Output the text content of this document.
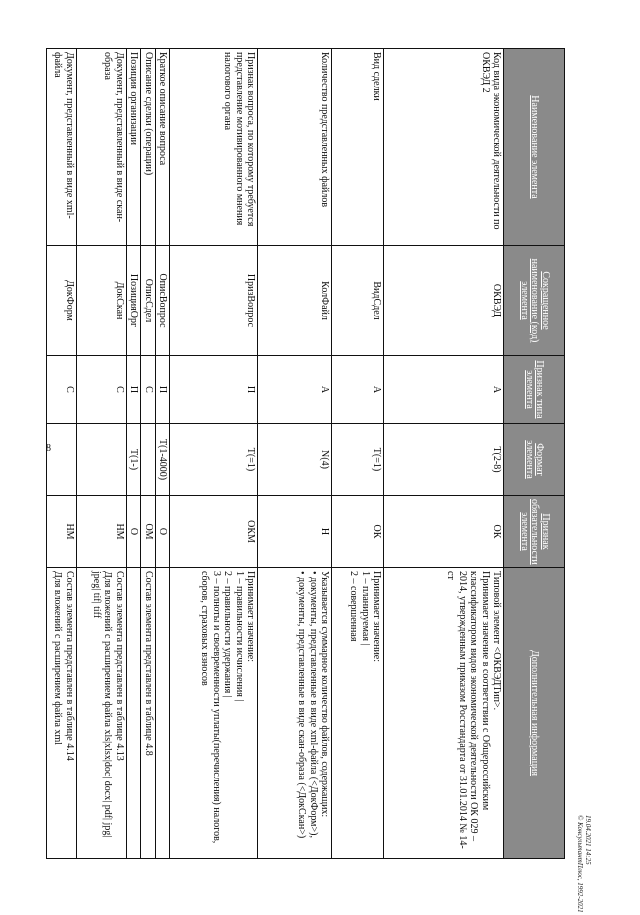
8
Наименование элемента	Сокращенное наименование (код) элемента	Признак типа элемента	Формат элемента	Признак обязательности элемента	Дополнительная информация
Код вида экономической деятельности по ОКВЭД 2	ОКВЭД	А	T(2-8)	ОК	Типовой элемент <ОКВЭДТип>.
Принимает значение в соответствии с Общероссийским классификатором видов экономической деятельности ОК 029 – 2014, утвержденным приказом Росстандарта от 31.01.2014 № 14-ст

Вид сделки	ВидСдел	А	T(=1)	ОК	Принимает значение:
1 – планируемая |
2 – совершенная

Количество представленных файлов	КолФайл	А	N(4)	Н	Указывается суммарное количество файлов, содержащих:
• документы, представленные в виде xml-файла (<ДокФорм>),
• документы, представленные в виде скан-образа (<ДокСкан>)

Признак вопроса, по которому требуется представление мотивированного мнения налогового органа	ПризВопрос	П	T(=1)	ОКМ	Принимает значение:
1 – правильности исчисления |
2 – правильности удержания |
3 – полноты и своевременности уплаты(перечисления) налогов, сборов, страховых взносов

Краткое описание вопроса	ОписВопрос	П	T(1-4000)	О	
Описание сделки (операции)	ОписСдел	С		ОМ	Состав элемента представлен в таблице 4.8

Позиция организации	ПозицияОрг	П	T(1-)	О	
Документ, представленный в виде скан-образа	ДокСкан	С		НМ	Состав элемента представлен в таблице 4.13
Для вложений с расширением файла xls|xlsx|doc| docx| pdf| jpg| jpeg| tif| tiff

Документ, представленный в виде xml-файла	ДокФорм	С		НМ	Состав элемента представлен в таблице 4.14
Для вложений с расширением файла xml
19.04.2021 14:25
© КонсультантПлюс, 1992-2021
